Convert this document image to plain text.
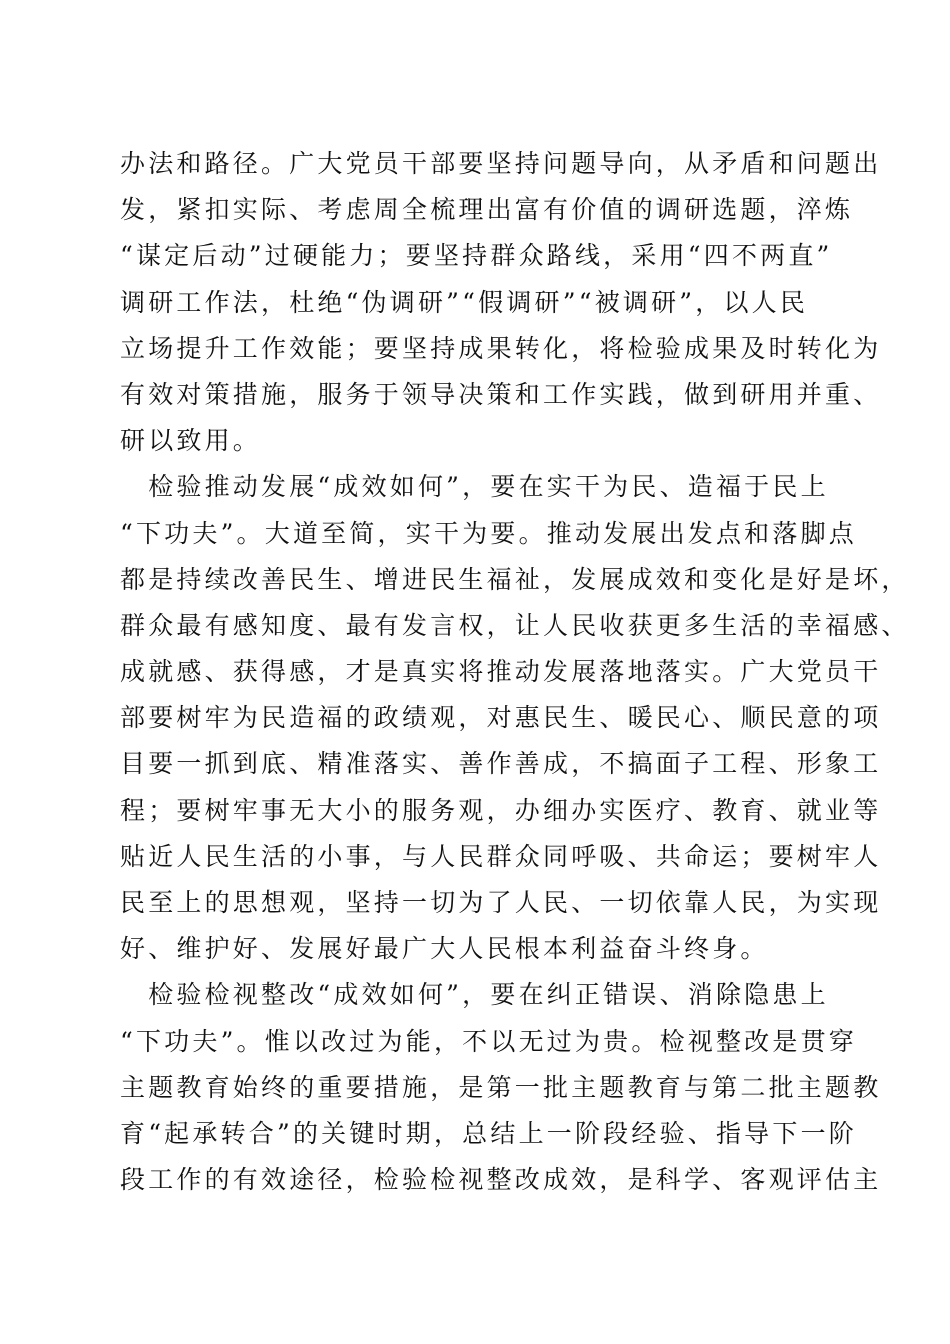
办法和路径。广大党员干部要坚持问题导向，从矛盾和问题出
发，紧扣实际、考虑周全梳理出富有价值的调研选题，淬炼
“谋定后动”过硬能力；要坚持群众路线，采用“四不两直”
调研工作法，杜绝“伪调研”“假调研”“被调研”，以人民
立场提升工作效能；要坚持成果转化，将检验成果及时转化为
有效对策措施，服务于领导决策和工作实践，做到研用并重、
研以致用。
　检验推动发展“成效如何”，要在实干为民、造福于民上
“下功夫”。大道至简，实干为要。推动发展出发点和落脚点
都是持续改善民生、增进民生福祉，发展成效和变化是好是坏，
群众最有感知度、最有发言权，让人民收获更多生活的幸福感、
成就感、获得感，才是真实将推动发展落地落实。广大党员干
部要树牢为民造福的政绩观，对惠民生、暖民心、顺民意的项
目要一抓到底、精准落实、善作善成，不搞面子工程、形象工
程；要树牢事无大小的服务观，办细办实医疗、教育、就业等
贴近人民生活的小事，与人民群众同呼吸、共命运；要树牢人
民至上的思想观，坚持一切为了人民、一切依靠人民，为实现
好、维护好、发展好最广大人民根本利益奋斗终身。
　检验检视整改“成效如何”，要在纠正错误、消除隐患上
“下功夫”。惟以改过为能，不以无过为贵。检视整改是贯穿
主题教育始终的重要措施，是第一批主题教育与第二批主题教
育“起承转合”的关键时期，总结上一阶段经验、指导下一阶
段工作的有效途径，检验检视整改成效，是科学、客观评估主
